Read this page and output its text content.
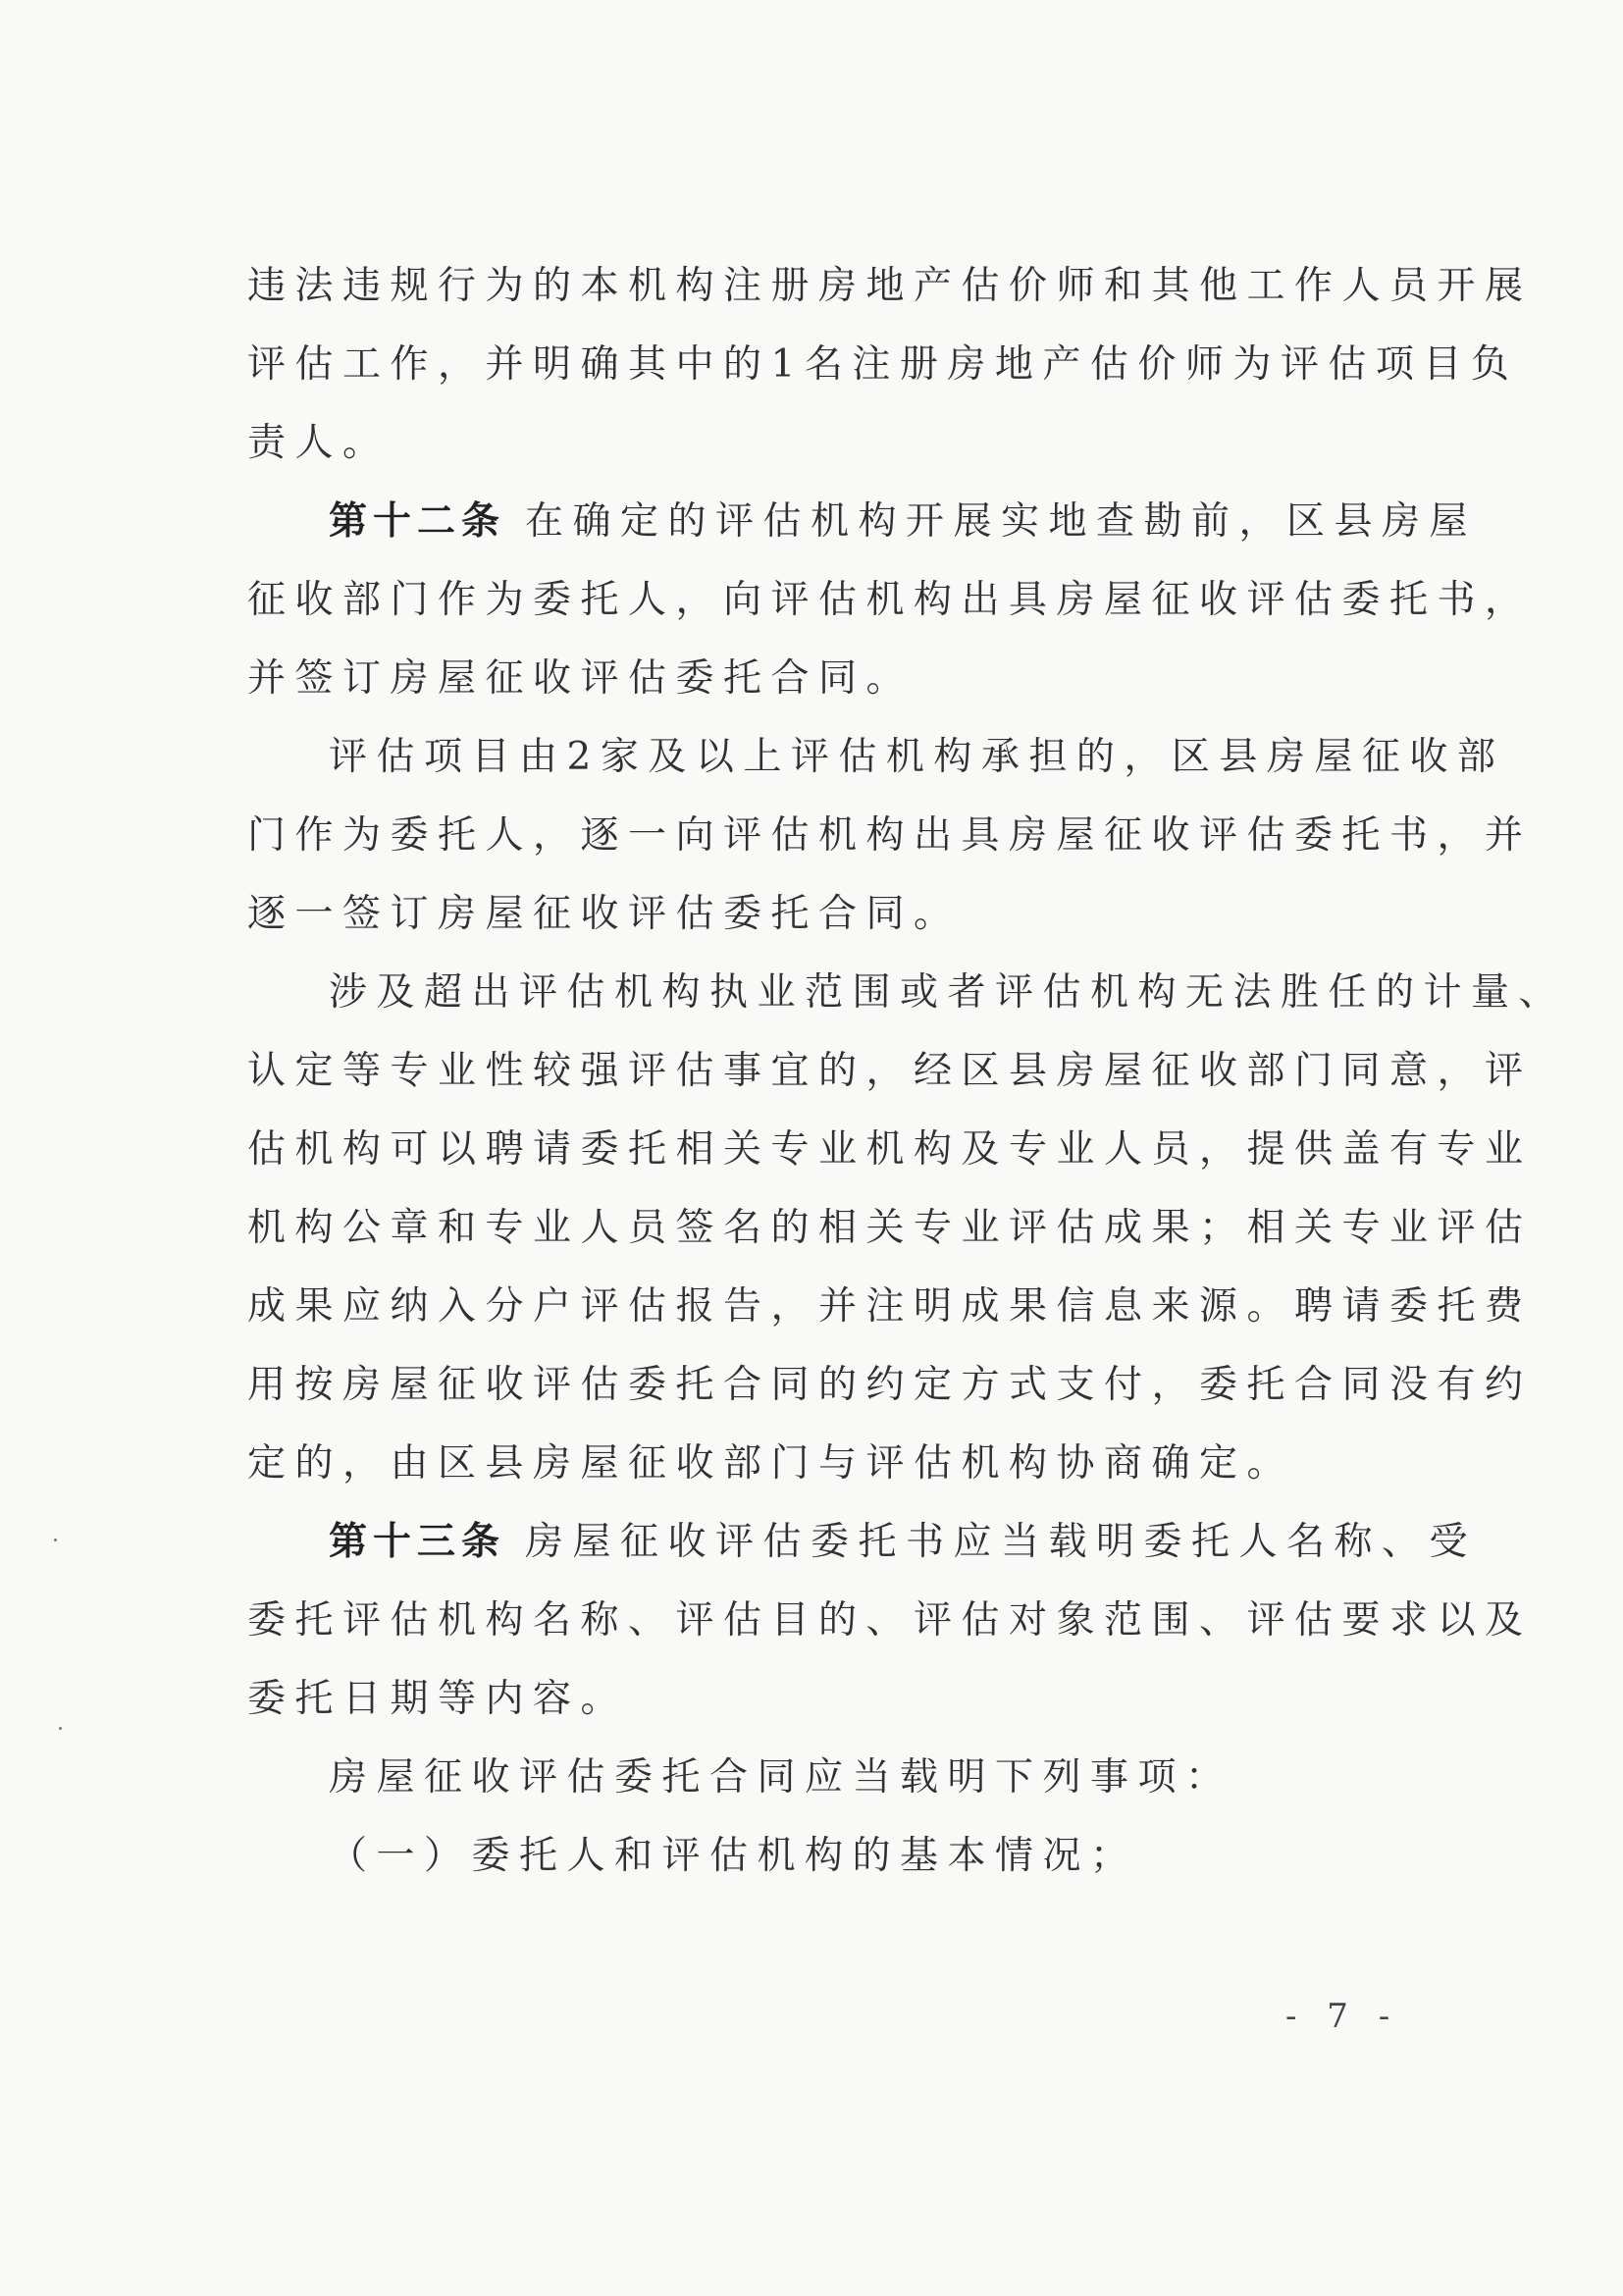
违法违规行为的本机构注册房地产估价师和其他工作人员开展
评估工作，并明确其中的1名注册房地产估价师为评估项目负
责人。
第十二条 在确定的评估机构开展实地查勘前，区县房屋
征收部门作为委托人，向评估机构出具房屋征收评估委托书，
并签订房屋征收评估委托合同。
评估项目由2家及以上评估机构承担的，区县房屋征收部
门作为委托人，逐一向评估机构出具房屋征收评估委托书，并
逐一签订房屋征收评估委托合同。
涉及超出评估机构执业范围或者评估机构无法胜任的计量、
认定等专业性较强评估事宜的，经区县房屋征收部门同意，评
估机构可以聘请委托相关专业机构及专业人员，提供盖有专业
机构公章和专业人员签名的相关专业评估成果；相关专业评估
成果应纳入分户评估报告，并注明成果信息来源。聘请委托费
用按房屋征收评估委托合同的约定方式支付，委托合同没有约
定的，由区县房屋征收部门与评估机构协商确定。
第十三条 房屋征收评估委托书应当载明委托人名称、受
委托评估机构名称、评估目的、评估对象范围、评估要求以及
委托日期等内容。
房屋征收评估委托合同应当载明下列事项：
（一）委托人和评估机构的基本情况；
- 7 -
